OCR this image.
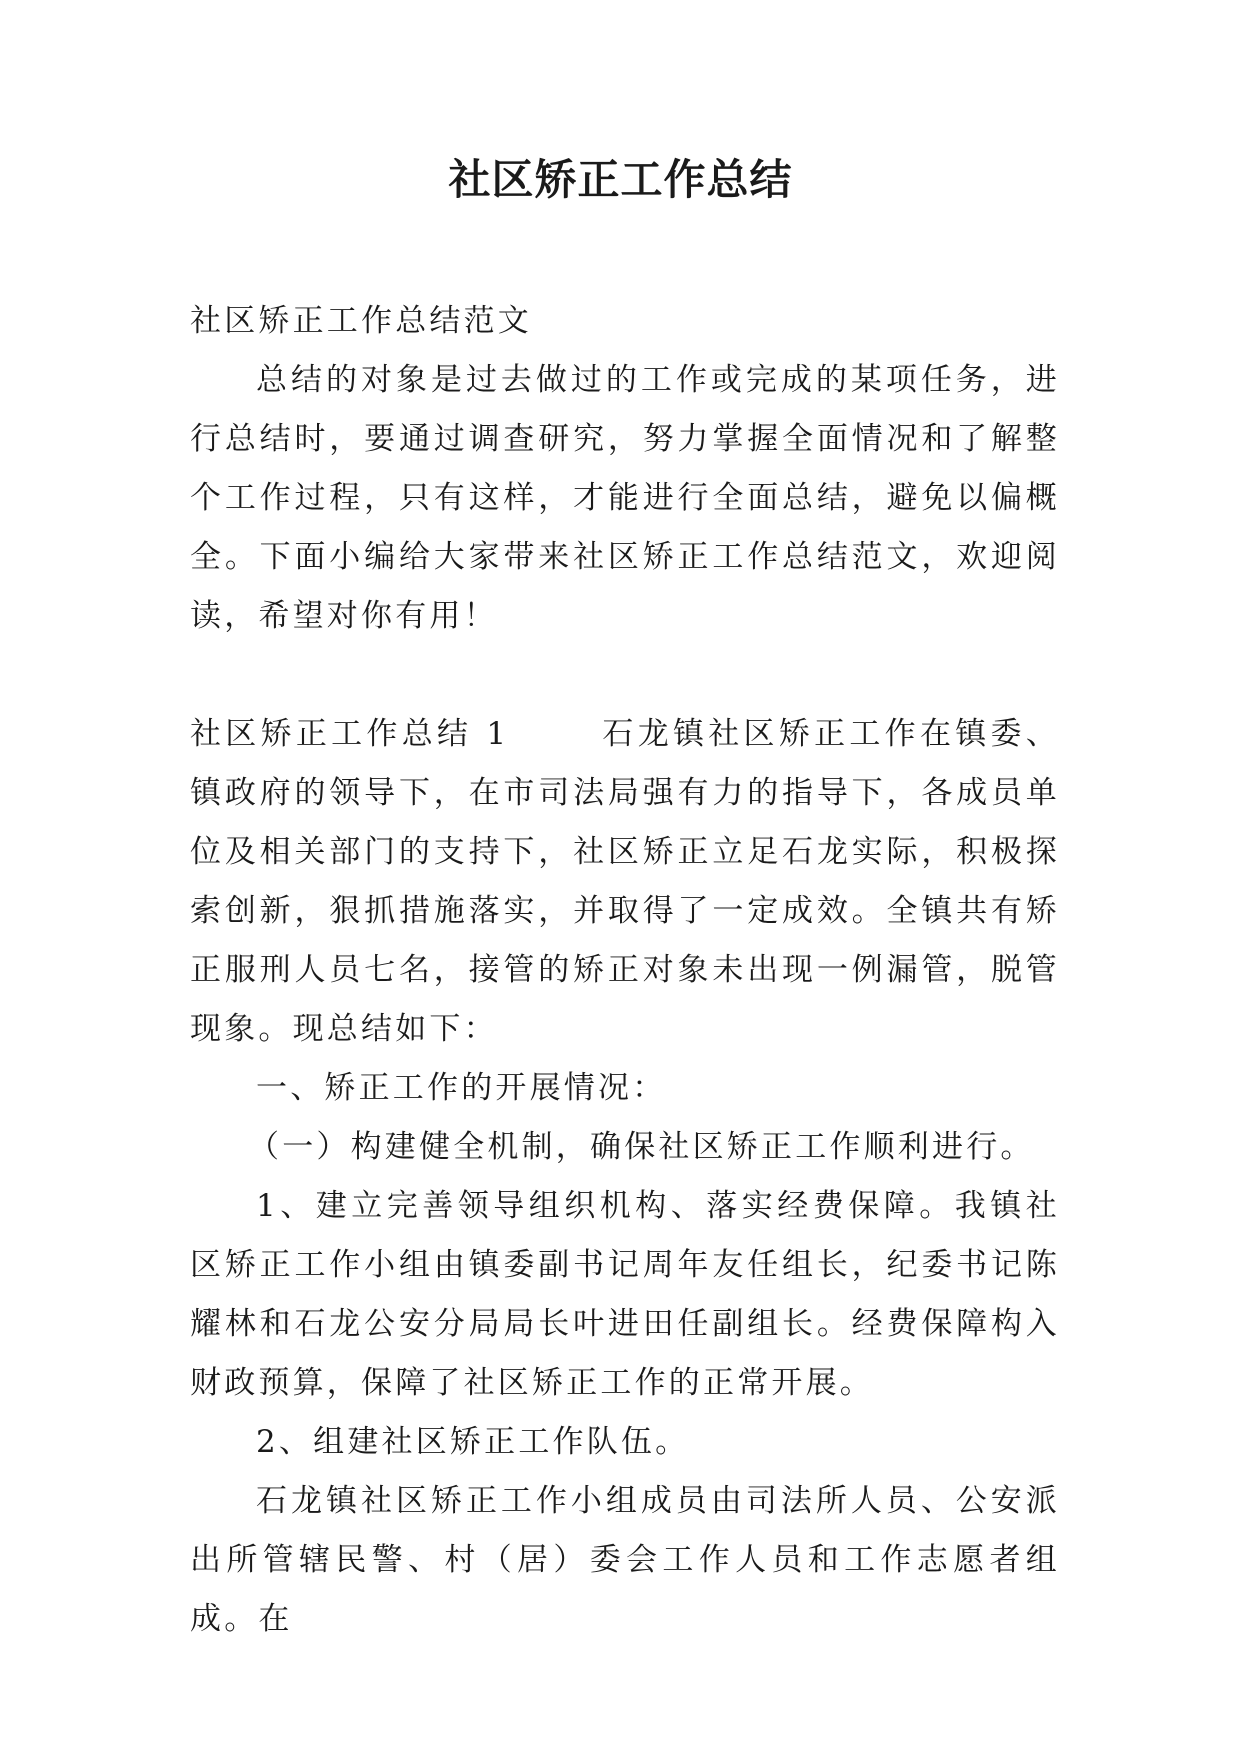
社区矫正工作总结

社区矫正工作总结范文

总结的对象是过去做过的工作或完成的某项任务，进行总结时，要通过调查研究，努力掌握全面情况和了解整个工作过程，只有这样，才能进行全面总结，避免以偏概全。下面小编给大家带来社区矫正工作总结范文，欢迎阅读，希望对你有用！

社区矫正工作总结 1	石龙镇社区矫正工作在镇委、镇政府的领导下，在市司法局强有力的指导下，各成员单位及相关部门的支持下，社区矫正立足石龙实际，积极探索创新，狠抓措施落实，并取得了一定成效。全镇共有矫正服刑人员七名，接管的矫正对象未出现一例漏管，脱管现象。现总结如下：

一、矫正工作的开展情况：

（一）构建健全机制，确保社区矫正工作顺利进行。

1、建立完善领导组织机构、落实经费保障。我镇社区矫正工作小组由镇委副书记周年友任组长，纪委书记陈耀林和石龙公安分局局长叶进田任副组长。经费保障构入财政预算，保障了社区矫正工作的正常开展。

2、组建社区矫正工作队伍。

石龙镇社区矫正工作小组成员由司法所人员、公安派出所管辖民警、村（居）委会工作人员和工作志愿者组成。在
